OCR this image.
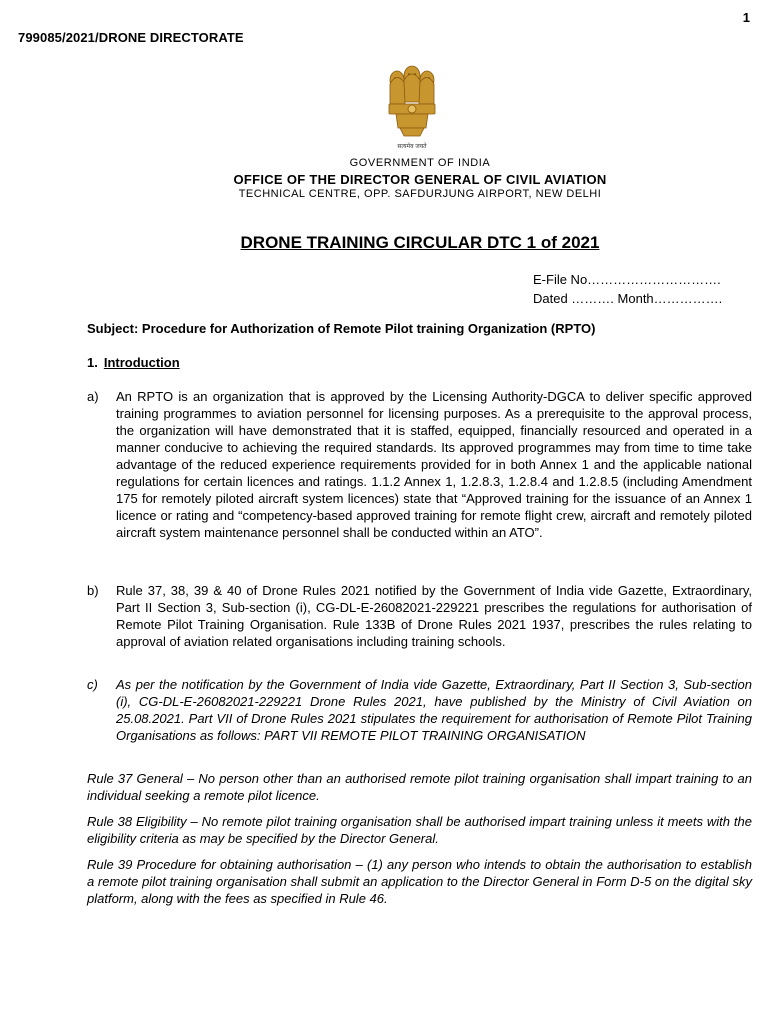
1
799085/2021/DRONE DIRECTORATE
सत्यमेव जयते
GOVERNMENT OF INDIA
OFFICE OF THE DIRECTOR GENERAL OF CIVIL AVIATION
TECHNICAL CENTRE, OPP. SAFDURJUNG AIRPORT, NEW DELHI
DRONE TRAINING CIRCULAR DTC 1 of 2021
E-File No………………………….
Dated ………. Month…………….
Subject: Procedure for Authorization of Remote Pilot training Organization (RPTO)
1. Introduction
a) An RPTO is an organization that is approved by the Licensing Authority-DGCA to deliver specific approved training programmes to aviation personnel for licensing purposes. As a prerequisite to the approval process, the organization will have demonstrated that it is staffed, equipped, financially resourced and operated in a manner conducive to achieving the required standards. Its approved programmes may from time to time take advantage of the reduced experience requirements provided for in both Annex 1 and the applicable national regulations for certain licences and ratings. 1.1.2 Annex 1, 1.2.8.3, 1.2.8.4 and 1.2.8.5 (including Amendment 175 for remotely piloted aircraft system licences) state that “Approved training for the issuance of an Annex 1 licence or rating and “competency-based approved training for remote flight crew, aircraft and remotely piloted aircraft system maintenance personnel shall be conducted within an ATO”.
b) Rule 37, 38, 39 & 40 of Drone Rules 2021 notified by the Government of India vide Gazette, Extraordinary, Part II Section 3, Sub-section (i), CG-DL-E-26082021-229221 prescribes the regulations for authorisation of Remote Pilot Training Organisation. Rule 133B of Drone Rules 2021 1937, prescribes the rules relating to approval of aviation related organisations including training schools.
c) As per the notification by the Government of India vide Gazette, Extraordinary, Part II Section 3, Sub-section (i), CG-DL-E-26082021-229221 Drone Rules 2021, have published by the Ministry of Civil Aviation on 25.08.2021. Part VII of Drone Rules 2021 stipulates the requirement for authorisation of Remote Pilot Training Organisations as follows: PART VII REMOTE PILOT TRAINING ORGANISATION
Rule 37 General – No person other than an authorised remote pilot training organisation shall impart training to an individual seeking a remote pilot licence.
Rule 38 Eligibility – No remote pilot training organisation shall be authorised impart training unless it meets with the eligibility criteria as may be specified by the Director General.
Rule 39 Procedure for obtaining authorisation – (1) any person who intends to obtain the authorisation to establish a remote pilot training organisation shall submit an application to the Director General in Form D-5 on the digital sky platform, along with the fees as specified in Rule 46.
